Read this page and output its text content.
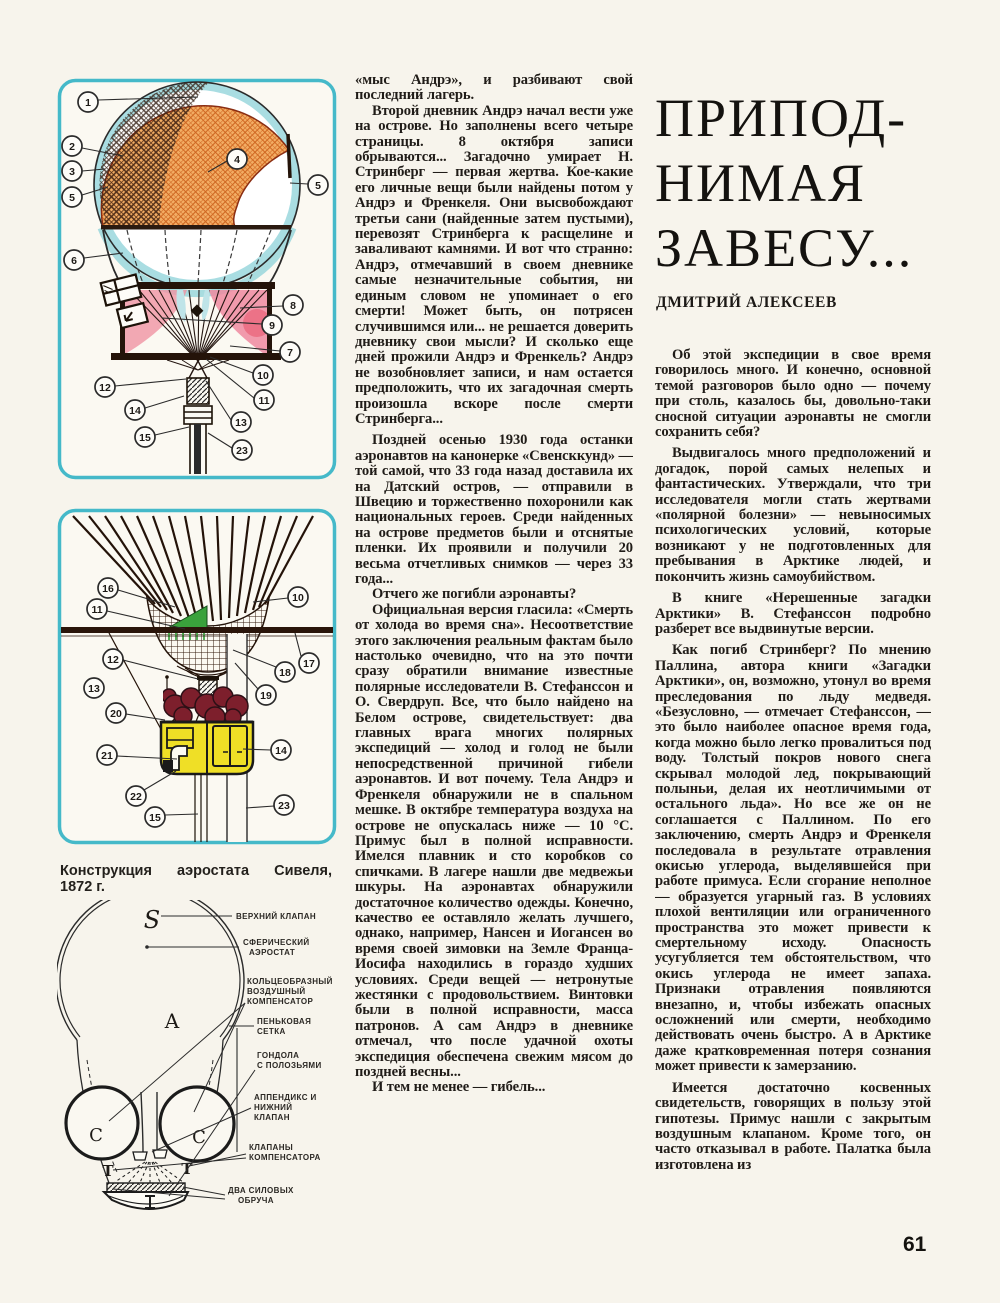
1
2
3
5
4
5
6
8
9
7
10
11
12
14
13
15
23
16
11
10
12	17
18
13
19
20
21	14
22
23
15
Конструкция аэростата Сивеля,
1872 г.
S
A
C	C
T	T
ВЕРХНИЙ КЛАПАН
СФЕРИЧЕСКИЙ АЭРОСТАТ
КОЛЬЦЕОБРАЗНЫЙ ВОЗДУШНЫЙ КОМПЕНСАТОР
ПЕНЬКОВАЯ СЕТКА
ГОНДОЛА С ПОЛОЗЬЯМИ
АППЕНДИКС И НИЖНИЙ КЛАПАН
КЛАПАНЫ КОМПЕНСАТОРА
ДВА СИЛОВЫХ ОБРУЧА

«мыс Андрэ», и разбивают свой последний лагерь.

Второй дневник Андрэ начал вести уже на острове. Но заполнены всего четыре страницы. 8 октября записи обрываются... Загадочно умирает Н. Стринберг — первая жертва. Кое-какие его личные вещи были найдены потом у Андрэ и Френкеля. Они высвобождают третьи сани (найденные затем пустыми), перевозят Стринберга к расщелине и заваливают камнями. И вот что странно: Андрэ, отмечавший в своем дневнике самые незначительные события, ни единым словом не упоминает о его смерти! Может быть, он потрясен случившимся или... не решается доверить дневнику свои мысли? И сколько еще дней прожили Андрэ и Френкель? Андрэ не возобновляет записи, и нам остается предположить, что их загадочная смерть произошла вскоре после смерти Стринберга...

Поздней осенью 1930 года останки аэронавтов на канонерке «Свенсккунд» — той самой, что 33 года назад доставила их на Датский остров, — отправили в Швецию и торжественно похоронили как национальных героев. Среди найденных на острове предметов были и отснятые пленки. Их проявили и получили 20 весьма отчетливых снимков — через 33 года...

Отчего же погибли аэронавты?

Официальная версия гласила: «Смерть от холода во время сна». Несоответствие этого заключения реальным фактам было настолько очевидно, что на это почти сразу обратили внимание известные полярные исследователи В. Стефанссон и О. Свердруп. Все, что было найдено на Белом острове, свидетельствует: два главных врага многих полярных экспедиций — холод и голод не были непосредственной причиной гибели аэронавтов. И вот почему. Тела Андрэ и Френкеля обнаружили не в спальном мешке. В октябре температура воздуха на острове не опускалась ниже — 10 °С. Примус был в полной исправности. Имелся плавник и сто коробков со спичками. В лагере нашли две медвежьи шкуры. На аэронавтах обнаружили достаточное количество одежды. Конечно, качество ее оставляло желать лучшего, однако, например, Нансен и Иогансен во время своей зимовки на Земле Франца-Иосифа находились в гораздо худших условиях. Среди вещей — нетронутые жестянки с продовольствием. Винтовки были в полной исправности, масса патронов. А сам Андрэ в дневнике отмечал, что после удачной охоты экспедиция обеспечена свежим мясом до поздней весны...

И тем не менее — гибель...

ПРИПОД-
НИМАЯ
ЗАВЕСУ...
ДМИТРИЙ АЛЕКСЕЕВ

Об этой экспедиции в свое время говорилось много. И конечно, основной темой разговоров было одно — почему при столь, казалось бы, довольно-таки сносной ситуации аэронавты не смогли сохранить себя?

Выдвигалось много предположений и догадок, порой самых нелепых и фантастических. Утверждали, что три исследователя могли стать жертвами «полярной болезни» — невыносимых психологических условий, которые возникают у не подготовленных для пребывания в Арктике людей, и покончить жизнь самоубийством.

В книге «Нерешенные загадки Арктики» В. Стефанссон подробно разберет все выдвинутые версии.

Как погиб Стринберг? По мнению Паллина, автора книги «Загадки Арктики», он, возможно, утонул во время преследования по льду медведя. «Безусловно, — отмечает Стефанссон, — это было наиболее опасное время года, когда можно было легко провалиться под воду. Толстый покров нового снега скрывал молодой лед, покрывающий полыньи, делая их неотличимыми от остального льда». Но все же он не соглашается с Паллином. По его заключению, смерть Андрэ и Френкеля последовала в результате отравления окисью углерода, выделявшейся при работе примуса. Если сгорание неполное — образуется угарный газ. В условиях плохой вентиляции или ограниченного пространства это может привести к смертельному исходу. Опасность усугубляется тем обстоятельством, что окись углерода не имеет запаха. Признаки отравления появляются внезапно, и, чтобы избежать опасных осложнений или смерти, необходимо действовать очень быстро. А в Арктике даже кратковременная потеря сознания может привести к замерзанию.

Имеется достаточно косвенных свидетельств, говорящих в пользу этой гипотезы. Примус нашли с закрытым воздушным клапаном. Кроме того, он часто отказывал в работе. Палатка была изготовлена из

61
